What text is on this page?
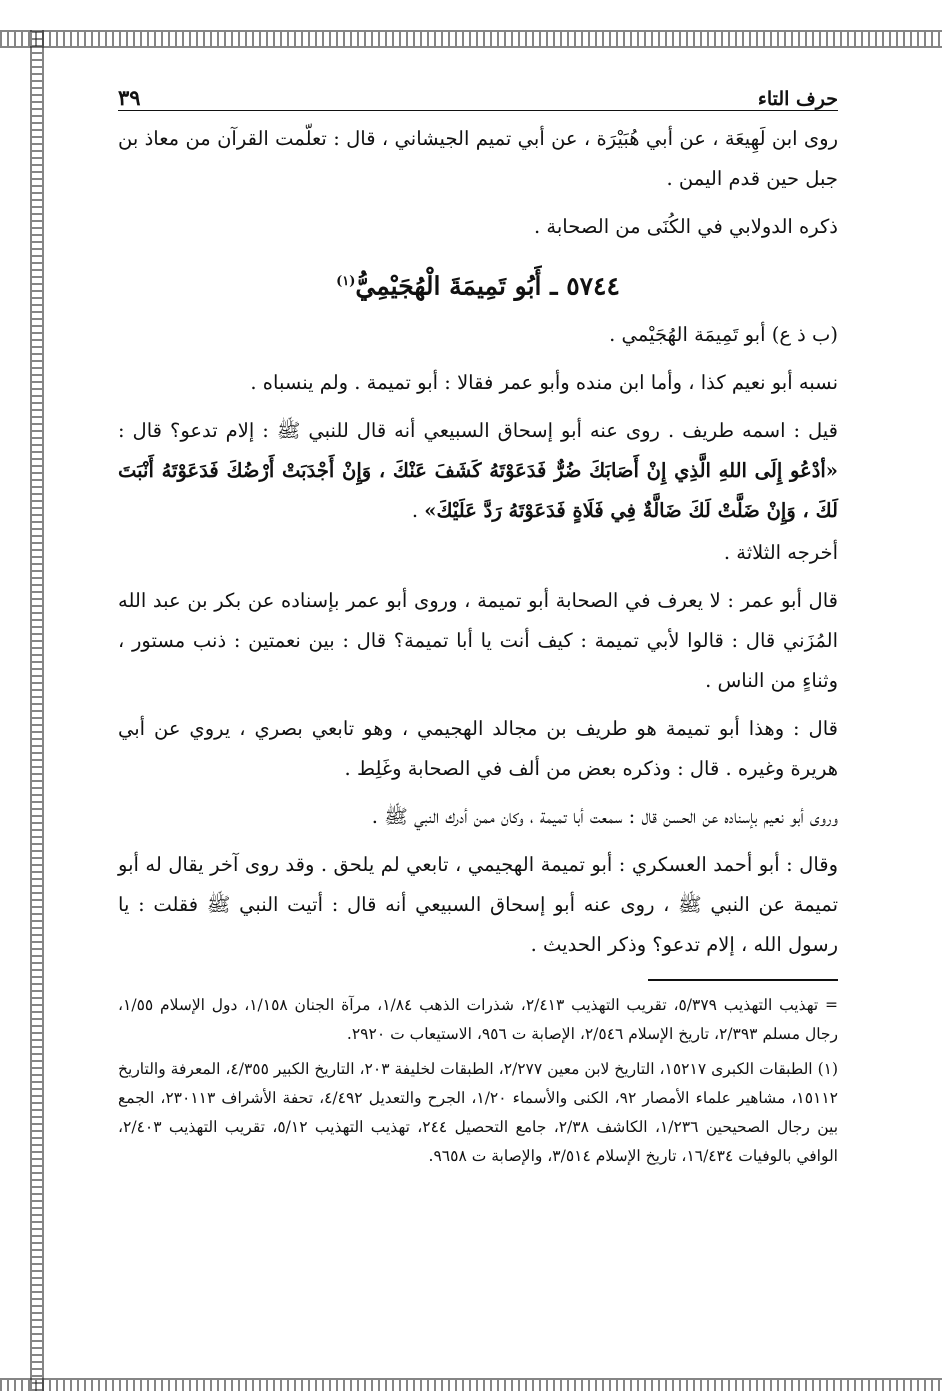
حرف التاء
٣٩

روى ابن لَهِيعَة ، عن أبي هُبَيْرَة ، عن أبي تميم الجيشاني ، قال : تعلّمت القرآن من معاذ بن جبل حين قدم اليمن .

ذكره الدولابي في الكُنَى من الصحابة .

٥٧٤٤ ـ أَبُو تَمِيمَةَ الْهُجَيْمِيُّ$^{(١)}$

(ب ذ ع) أبو تَمِيمَة الهُجَيْمي .

نسبه أبو نعيم كذا ، وأما ابن منده وأبو عمر فقالا : أبو تميمة . ولم ينسباه .

قيل : اسمه طريف . روى عنه أبو إسحاق السبيعي أنه قال للنبي ﷺ : إلام تدعو؟ قال : «أدْعُو إِلَى اللهِ الَّذِي إِنْ أَصَابَكَ ضُرٌّ فَدَعَوْتَهُ كَشَفَ عَنْكَ ، وَإِنْ أَجْدَبَتْ أَرْضُكَ فَدَعَوْتَهُ أَنْبَتَ لَكَ ، وَإِنْ ضَلَّتْ لَكَ ضَالَّةٌ فِي فَلَاةٍ فَدَعَوْتَهُ رَدَّ عَلَيْكَ» .

أخرجه الثلاثة .

قال أبو عمر : لا يعرف في الصحابة أبو تميمة ، وروى أبو عمر بإسناده عن بكر بن عبد الله المُزَني قال : قالوا لأبي تميمة : كيف أنت يا أبا تميمة؟ قال : بين نعمتين : ذنب مستور ، وثناءٍ من الناس .

قال : وهذا أبو تميمة هو طريف بن مجالد الهجيمي ، وهو تابعي بصري ، يروي عن أبي هريرة وغيره . قال : وذكره بعض من ألف في الصحابة وغَلِط .

وروى أبو نعيم بإسناده عن الحسن قال : سمعت أبا تميمة ، وكان ممن أدرك النبي ﷺ .

وقال : أبو أحمد العسكري : أبو تميمة الهجيمي ، تابعي لم يلحق . وقد روى آخر يقال له أبو تميمة عن النبي ﷺ ، روى عنه أبو إسحاق السبيعي أنه قال : أتيت النبي ﷺ فقلت : يا رسول الله ، إلام تدعو؟ وذكر الحديث .

= تهذيب التهذيب ٥/٣٧٩، تقريب التهذيب ٢/٤١٣، شذرات الذهب ١/٨٤، مرآة الجنان ١/١٥٨، دول الإسلام ١/٥٥، رجال مسلم ٢/٣٩٣، تاريخ الإسلام ٢/٥٤٦، الإصابة ت ٩٥٦، الاستيعاب ت ٢٩٢٠.

(١) الطبقات الكبرى ١٥٢١٧، التاريخ لابن معين ٢/٢٧٧، الطبقات لخليفة ٢٠٣، التاريخ الكبير ٤/٣٥٥، المعرفة والتاريخ ١٥١١٢، مشاهير علماء الأمصار ٩٢، الكنى والأسماء ١/٢٠، الجرح والتعديل ٤/٤٩٢، تحفة الأشراف ٢٣٠١١٣، الجمع بين رجال الصحيحين ١/٢٣٦، الكاشف ٢/٣٨، جامع التحصيل ٢٤٤، تهذيب التهذيب ٥/١٢، تقريب التهذيب ٢/٤٠٣، الوافي بالوفيات ١٦/٤٣٤، تاريخ الإسلام ٣/٥١٤، والإصابة ت ٩٦٥٨.
